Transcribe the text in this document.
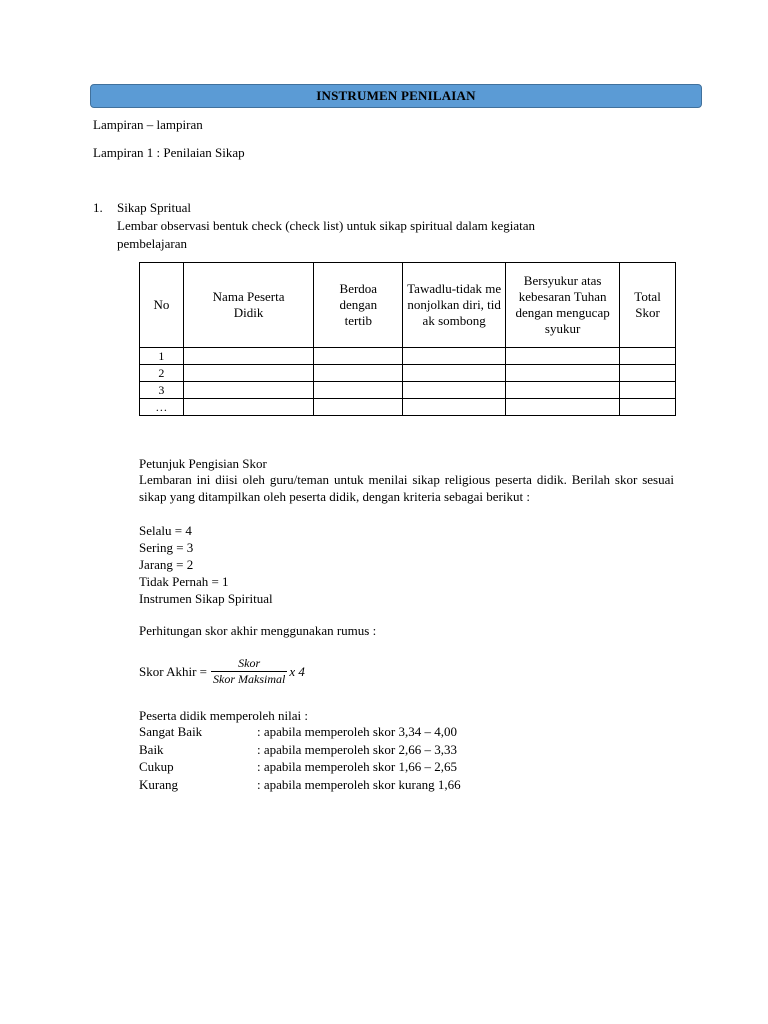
INSTRUMEN PENILAIAN
Lampiran – lampiran
Lampiran 1 : Penilaian Sikap
1. Sikap Spritual
Lembar observasi bentuk check (check list) untuk sikap spiritual dalam kegiatan
pembelajaran
No	Nama Peserta Didik	Berdoa dengan tertib	Tawadlu-tidak menonjolkan diri, tidak sombong	Bersyukur atas kebesaran Tuhan dengan mengucap syukur	Total Skor

1					
2					
3					
…					
Petunjuk Pengisian Skor
Lembaran ini diisi oleh guru/teman untuk menilai sikap religious peserta didik. Berilah skor sesuai sikap yang ditampilkan oleh peserta didik, dengan kriteria sebagai berikut :
Selalu = 4
Sering = 3
Jarang = 2
Tidak Pernah = 1
Instrumen Sikap Spiritual
Perhitungan skor akhir menggunakan rumus :
Skor Akhir = $\frac{\text{Skor}}{\text{Skor Maksimal}}$ x 4
Peserta didik memperoleh nilai :
Sangat Baik	: apabila memperoleh skor 3,34 – 4,00
Baik	: apabila memperoleh skor 2,66 – 3,33
Cukup	: apabila memperoleh skor 1,66 – 2,65
Kurang	: apabila memperoleh skor kurang 1,66
